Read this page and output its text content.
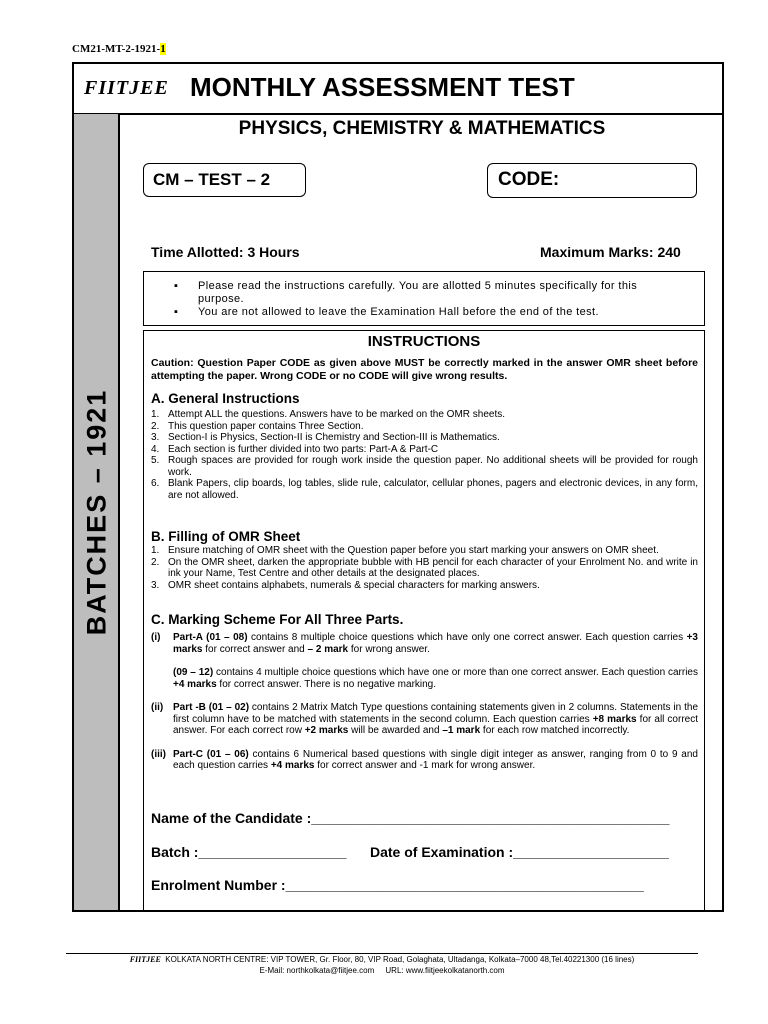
CM21-MT-2-1921-1
FIITJEE MONTHLY ASSESSMENT TEST
BATCHES – 1921
PHYSICS, CHEMISTRY & MATHEMATICS
CM – TEST – 2	CODE:
Time Allotted: 3 Hours	Maximum Marks: 240
▪ Please read the instructions carefully. You are allotted 5 minutes specifically for this purpose.
▪ You are not allowed to leave the Examination Hall before the end of the test.
INSTRUCTIONS
Caution: Question Paper CODE as given above MUST be correctly marked in the answer OMR sheet before attempting the paper. Wrong CODE or no CODE will give wrong results.
A. General Instructions
1. Attempt ALL the questions. Answers have to be marked on the OMR sheets.
2. This question paper contains Three Section.
3. Section-I is Physics, Section-II is Chemistry and Section-III is Mathematics.
4. Each section is further divided into two parts: Part-A & Part-C
5. Rough spaces are provided for rough work inside the question paper. No additional sheets will be provided for rough work.
6. Blank Papers, clip boards, log tables, slide rule, calculator, cellular phones, pagers and electronic devices, in any form, are not allowed.
B. Filling of OMR Sheet
1. Ensure matching of OMR sheet with the Question paper before you start marking your answers on OMR sheet.
2. On the OMR sheet, darken the appropriate bubble with HB pencil for each character of your Enrolment No. and write in ink your Name, Test Centre and other details at the designated places.
3. OMR sheet contains alphabets, numerals & special characters for marking answers.
C. Marking Scheme For All Three Parts.
(i) Part-A (01 – 08) contains 8 multiple choice questions which have only one correct answer. Each question carries +3 marks for correct answer and – 2 mark for wrong answer.
(09 – 12) contains 4 multiple choice questions which have one or more than one correct answer. Each question carries +4 marks for correct answer. There is no negative marking.
(ii) Part -B (01 – 02) contains 2 Matrix Match Type questions containing statements given in 2 columns. Statements in the first column have to be matched with statements in the second column. Each question carries +8 marks for all correct answer. For each correct row +2 marks will be awarded and –1 mark for each row matched incorrectly.
(iii) Part-C (01 – 06) contains 6 Numerical based questions with single digit integer as answer, ranging from 0 to 9 and each question carries +4 marks for correct answer and -1 mark for wrong answer.
Name of the Candidate :______________________________________________
Batch :___________________ Date of Examination :____________________
Enrolment Number :______________________________________________
FIITJEE KOLKATA NORTH CENTRE: VIP TOWER, Gr. Floor, 80, VIP Road, Golaghata, Ultadanga, Kolkata–7000 48,Tel.40221300 (16 lines)
E-Mail: northkolkata@fiitjee.com URL: www.fiitjeekolkatanorth.com
